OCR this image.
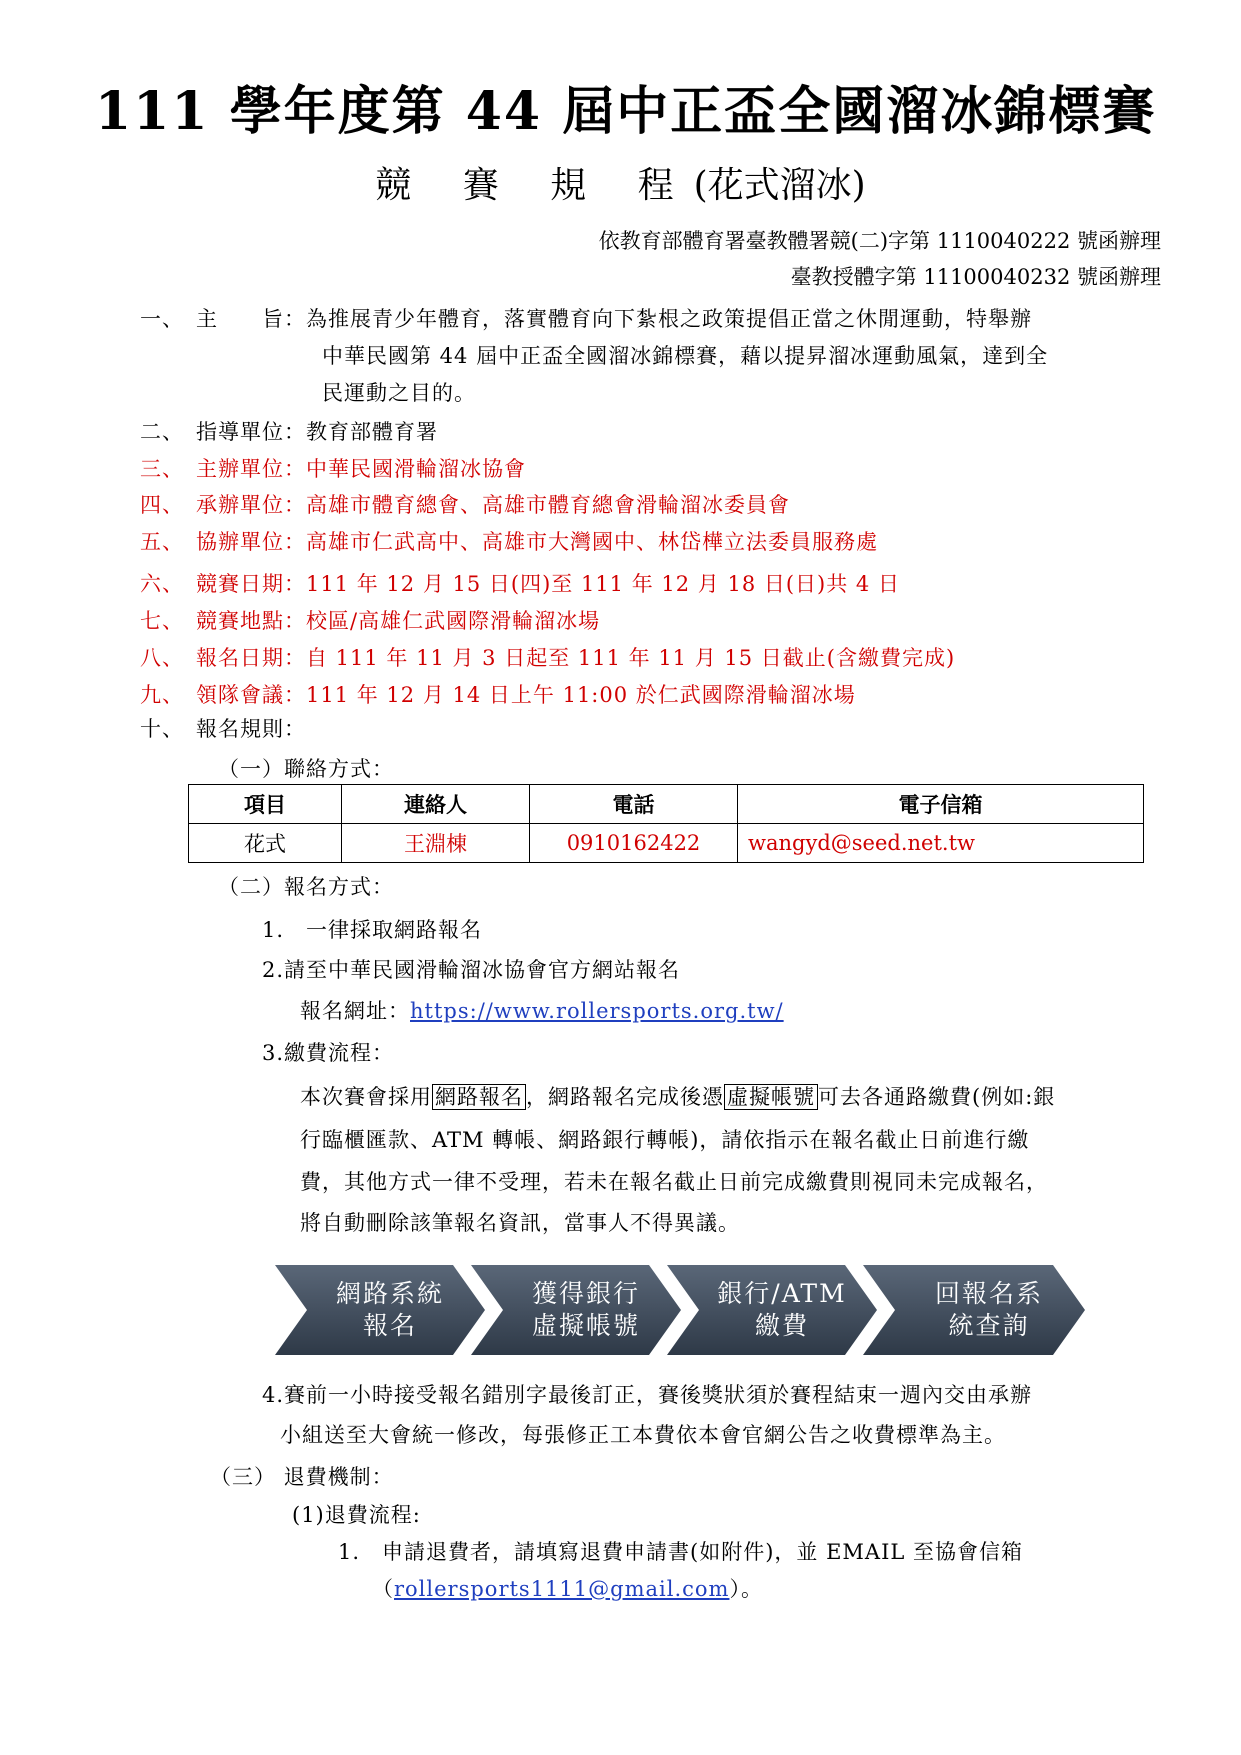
111 學年度第 44 屆中正盃全國溜冰錦標賽
競 賽 規 程(花式溜冰)
依教育部體育署臺教體署競(二)字第 1110040222 號函辦理
臺教授體字第 11100040232 號函辦理
一、 主　　旨：為推展青少年體育，落實體育向下紮根之政策提倡正當之休閒運動，特舉辦
中華民國第 44 屆中正盃全國溜冰錦標賽，藉以提昇溜冰運動風氣，達到全
民運動之目的。
二、 指導單位：教育部體育署
三、 主辦單位：中華民國滑輪溜冰協會
四、 承辦單位：高雄市體育總會、高雄市體育總會滑輪溜冰委員會
五、 協辦單位：高雄市仁武高中、高雄市大灣國中、林岱樺立法委員服務處
六、 競賽日期：111 年 12 月 15 日(四)至 111 年 12 月 18 日(日)共 4 日
七、 競賽地點：校區/高雄仁武國際滑輪溜冰場
八、 報名日期：自 111 年 11 月 3 日起至 111 年 11 月 15 日截止(含繳費完成)
九、 領隊會議：111 年 12 月 14 日上午 11:00 於仁武國際滑輪溜冰場
十、 報名規則：
（一）聯絡方式：
項目	連絡人	電話	電子信箱
花式	王淵棟	0910162422	wangyd@seed.net.tw
（二）報名方式：
1.　一律採取網路報名
2.請至中華民國滑輪溜冰協會官方網站報名
報名網址：https://www.rollersports.org.tw/
3.繳費流程：
本次賽會採用 網路報名 ，網路報名完成後憑 虛擬帳號 可去各通路繳費(例如:銀
行臨櫃匯款、ATM 轉帳、網路銀行轉帳)，請依指示在報名截止日前進行繳
費，其他方式一律不受理，若未在報名截止日前完成繳費則視同未完成報名，
將自動刪除該筆報名資訊，當事人不得異議。
網路系統
報名
獲得銀行
虛擬帳號
銀行/ATM
繳費
回報名系
統查詢
4.賽前一小時接受報名錯別字最後訂正，賽後獎狀須於賽程結束一週內交由承辦
小組送至大會統一修改，每張修正工本費依本會官網公告之收費標準為主。
（三） 退費機制：
(1)退費流程:
1.　申請退費者，請填寫退費申請書(如附件)，並 EMAIL 至協會信箱
（rollersports1111@gmail.com）。
